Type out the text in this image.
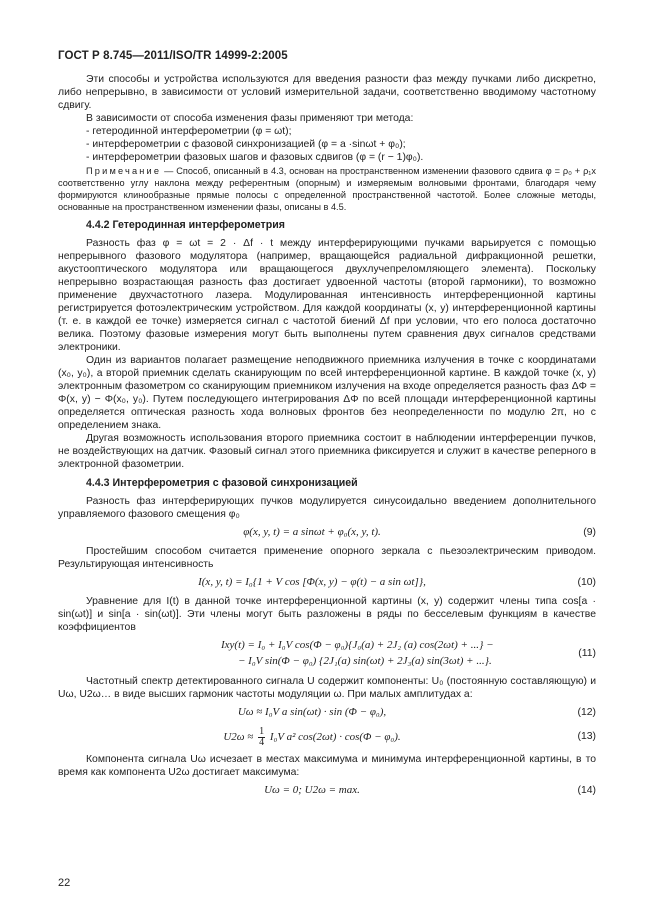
ГОСТ Р 8.745—2011/ISO/TR 14999-2:2005

Эти способы и устройства используются для введения разности фаз между пучками либо дискретно, либо непрерывно, в зависимости от условий измерительной задачи, соответственно вводимому частотному сдвигу.

В зависимости от способа изменения фазы применяют три метода:

- гетеродинной интерферометрии (φ = ωt);

- интерферометрии с фазовой синхронизацией (φ = a ·sinωt + φ₀);

- интерферометрии фазовых шагов и фазовых сдвигов (φ = (r − 1)φ₀).

Примечание — Способ, описанный в 4.3, основан на пространственном изменении фазового сдвига φ = ρ₀ + ρ₁x соответственно углу наклона между референтным (опорным) и измеряемым волновыми фронтами, благодаря чему формируются клинообразные прямые полосы с определенной пространственной частотой. Более сложные методы, основанные на пространственном изменении фазы, описаны в 4.5.

4.4.2 Гетеродинная интерферометрия

Разность фаз φ = ωt = 2 · Δf · t между интерферирующими пучками варьируется с помощью непрерывного фазового модулятора (например, вращающейся радиальной дифракционной решетки, акустооптического модулятора или вращающегося двухлучепреломляющего элемента). Поскольку непрерывно возрастающая разность фаз достигает удвоенной частоты (второй гармоники), то возможно применение двухчастотного лазера. Модулированная интенсивность интерференционной картины регистрируется фотоэлектрическим устройством. Для каждой координаты (x, y) интерференционной картины (т. е. в каждой ее точке) измеряется сигнал с частотой биений Δf при условии, что его полоса достаточно велика. Поэтому фазовые измерения могут быть выполнены путем сравнения двух сигналов средствами электроники.

Один из вариантов полагает размещение неподвижного приемника излучения в точке с координатами (x₀, y₀), а второй приемник сделать сканирующим по всей интерференционной картине. В каждой точке (x, y) электронным фазометром со сканирующим приемником излучения на входе определяется разность фаз ΔΦ = Φ(x, y) − Φ(x₀, y₀). Путем последующего интегрирования ΔΦ по всей площади интерференционной картины определяется оптическая разность хода волновых фронтов без неопределенности по модулю 2π, но с определением знака.

Другая возможность использования второго приемника состоит в наблюдении интерференции пучков, не воздействующих на датчик. Фазовый сигнал этого приемника фиксируется и служит в качестве реперного в электронной фазометрии.

4.4.3 Интерферометрия с фазовой синхронизацией

Разность фаз интерферирующих пучков модулируется синусоидально введением дополнительного управляемого фазового смещения φ₀

φ(x, y, t) = a sinωt + φ₀(x, y, t).	(9)

Простейшим способом считается применение опорного зеркала с пьезоэлектрическим приводом. Результирующая интенсивность

I(x, y, t) = I₀{1 + V cos [Φ(x, y) − φ(t) − a sin ωt]},	(10)

Уравнение для I(t) в данной точке интерференционной картины (x, y) содержит члены типа cos[a · sin(ωt)] и sin[a · sin(ωt)]. Эти члены могут быть разложены в ряды по бесселевым функциям в качестве коэффициентов

Ixy(t) = I₀ + I₀V cos(Φ − φ₀){J₀(a) + 2J₂ (a) cos(2ωt) + ...} −
− I₀V sin(Φ − φ₀) {2J₁(a) sin(ωt) + 2J₃(a) sin(3ωt) + ...}.
(11)

Частотный спектр детектированного сигнала U содержит компоненты: U₀ (постоянную составляющую) и Uω, U2ω… в виде высших гармоник частоты модуляции ω. При малых амплитудах a:

Uω ≈ I₀V a sin(ωt) · sin (Φ − φ₀),	(12)
$U2\omega \approx \frac{1}{4} I_0V$ a² cos(2ωt) · cos(Φ − φ₀).	(13)

Компонента сигнала Uω исчезает в местах максимума и минимума интерференционной картины, в то время как компонента U2ω достигает максимума:

Uω = 0; U2ω = max.	(14)
22
